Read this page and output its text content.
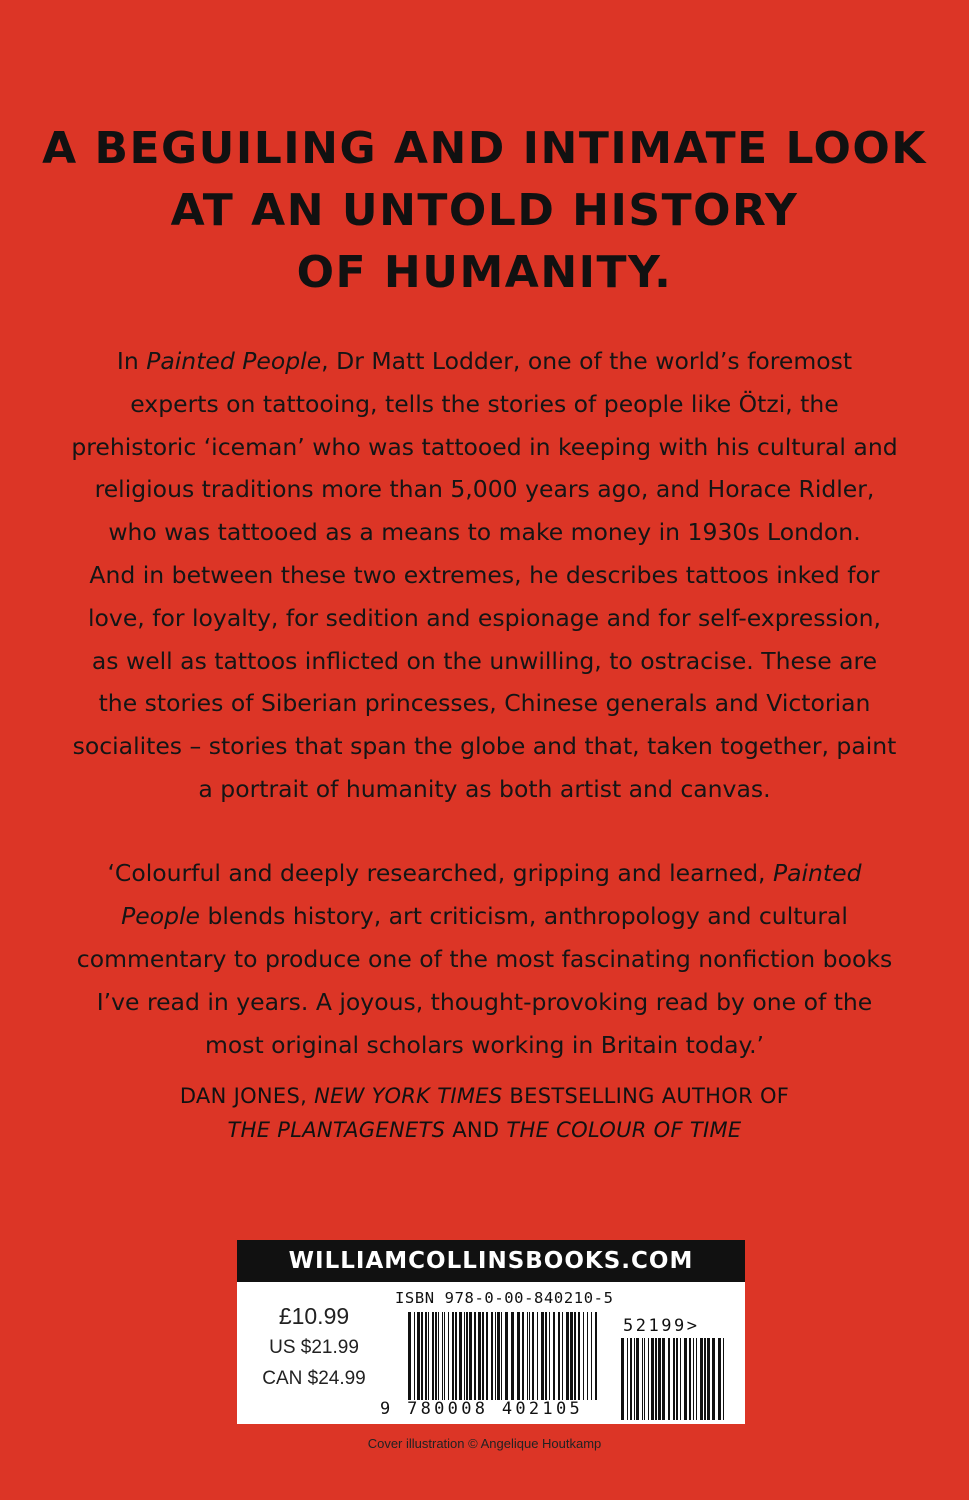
A BEGUILING AND INTIMATE LOOK
AT AN UNTOLD HISTORY
OF HUMANITY.
In Painted People, Dr Matt Lodder, one of the world’s foremost
experts on tattooing, tells the stories of people like Ötzi, the
prehistoric ‘iceman’ who was tattooed in keeping with his cultural and
religious traditions more than 5,000 years ago, and Horace Ridler,
who was tattooed as a means to make money in 1930s London.
And in between these two extremes, he describes tattoos inked for
love, for loyalty, for sedition and espionage and for self-expression,
as well as tattoos inflicted on the unwilling, to ostracise. These are
the stories of Siberian princesses, Chinese generals and Victorian
socialites – stories that span the globe and that, taken together, paint
a portrait of humanity as both artist and canvas.
‘Colourful and deeply researched, gripping and learned, Painted
People blends history, art criticism, anthropology and cultural
commentary to produce one of the most fascinating nonfiction books
I’ve read in years. A joyous, thought-provoking read by one of the
most original scholars working in Britain today.’
DAN JONES, NEW YORK TIMES BESTSELLING AUTHOR OF
THE PLANTAGENETS AND THE COLOUR OF TIME
WILLIAMCOLLINSBOOKS.COM
£10.99
US $21.99
CAN $24.99
ISBN 978-0-00-840210-5
9 780008 402105
52199>
Cover illustration © Angelique Houtkamp
